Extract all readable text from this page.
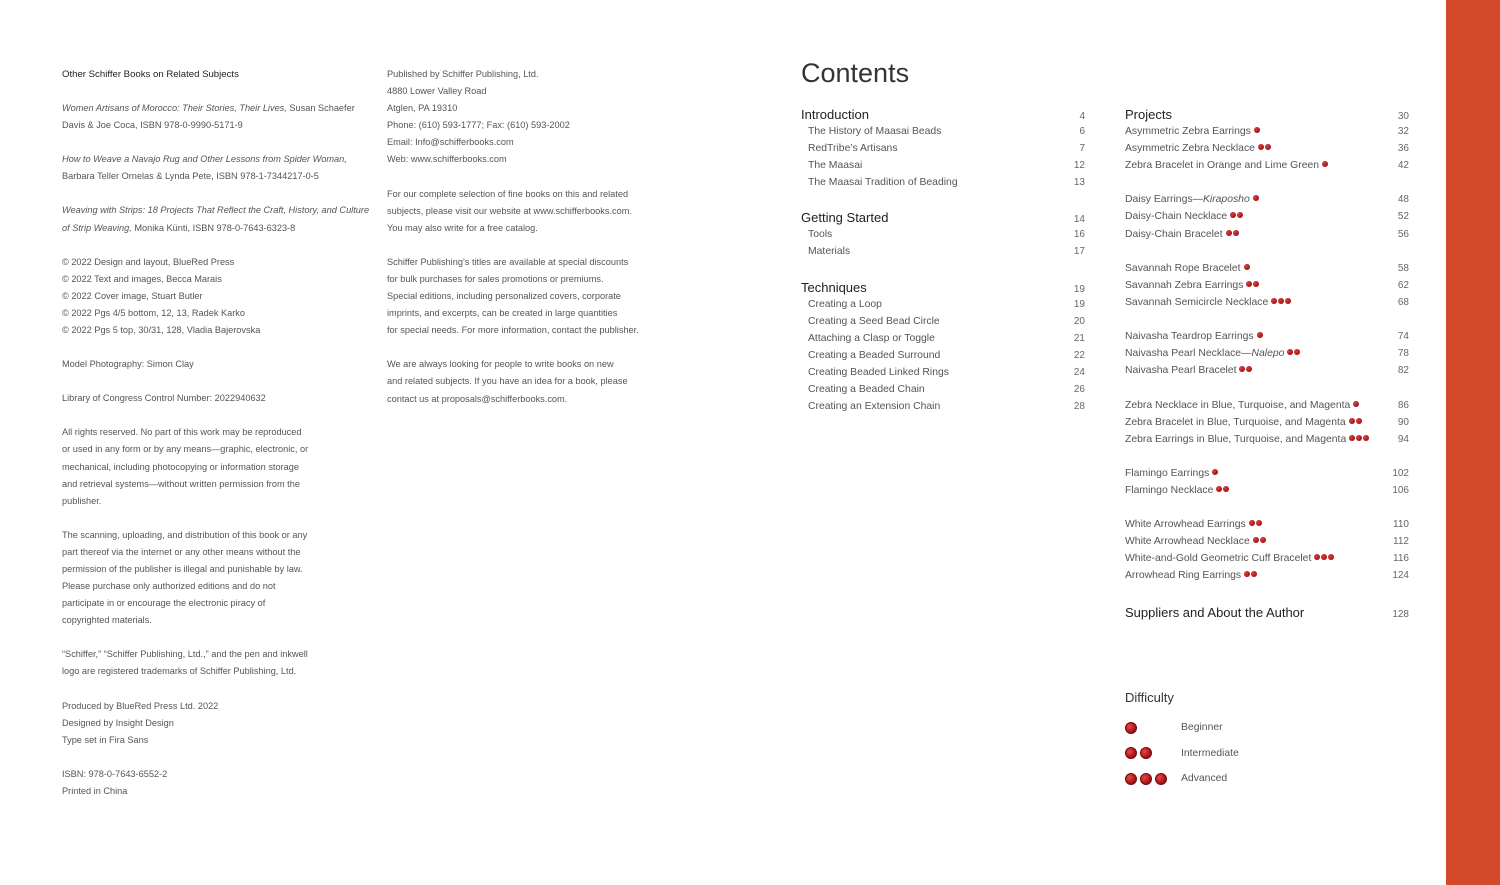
Other Schiffer Books on Related Subjects

Women Artisans of Morocco: Their Stories, Their Lives, Susan Schaefer Davis & Joe Coca, ISBN 978-0-9990-5171-9

How to Weave a Navajo Rug and Other Lessons from Spider Woman, Barbara Teller Ornelas & Lynda Pete, ISBN 978-1-7344217-0-5

Weaving with Strips: 18 Projects That Reflect the Craft, History, and Culture of Strip Weaving, Monika Künti, ISBN 978-0-7643-6323-8

© 2022 Design and layout, BlueRed Press
© 2022 Text and images, Becca Marais
© 2022 Cover image, Stuart Butler
© 2022 Pgs 4/5 bottom, 12, 13, Radek Karko
© 2022 Pgs 5 top, 30/31, 128, Vladia Bajerovska

Model Photography: Simon Clay

Library of Congress Control Number: 2022940632

All rights reserved. No part of this work may be reproduced
or used in any form or by any means—graphic, electronic, or
mechanical, including photocopying or information storage
and retrieval systems—without written permission from the
publisher.

The scanning, uploading, and distribution of this book or any
part thereof via the internet or any other means without the
permission of the publisher is illegal and punishable by law.
Please purchase only authorized editions and do not
participate in or encourage the electronic piracy of
copyrighted materials.

“Schiffer,” “Schiffer Publishing, Ltd.,” and the pen and inkwell
logo are registered trademarks of Schiffer Publishing, Ltd.

Produced by BlueRed Press Ltd. 2022
Designed by Insight Design
Type set in Fira Sans

ISBN: 978-0-7643-6552-2
Printed in China

Published by Schiffer Publishing, Ltd.
4880 Lower Valley Road
Atglen, PA 19310
Phone: (610) 593-1777; Fax: (610) 593-2002
Email: Info@schifferbooks.com
Web: www.schifferbooks.com

For our complete selection of fine books on this and related
subjects, please visit our website at www.schifferbooks.com.
You may also write for a free catalog.

Schiffer Publishing’s titles are available at special discounts
for bulk purchases for sales promotions or premiums.
Special editions, including personalized covers, corporate
imprints, and excerpts, can be created in large quantities
for special needs. For more information, contact the publisher.

We are always looking for people to write books on new
and related subjects. If you have an idea for a book, please
contact us at proposals@schifferbooks.com.

Contents
Introduction	4
The History of Maasai Beads	6
RedTribe’s Artisans	7
The Maasai	12
The Maasai Tradition of Beading	13
Getting Started	14
Tools	16
Materials	17
Techniques	19
Creating a Loop	19
Creating a Seed Bead Circle	20
Attaching a Clasp or Toggle	21
Creating a Beaded Surround	22
Creating Beaded Linked Rings	24
Creating a Beaded Chain	26
Creating an Extension Chain	28
Projects	30
Asymmetric Zebra Earrings	32
Asymmetric Zebra Necklace	36
Zebra Bracelet in Orange and Lime Green	42
Daisy Earrings—Kiraposho	48
Daisy-Chain Necklace	52
Daisy-Chain Bracelet	56
Savannah Rope Bracelet	58
Savannah Zebra Earrings	62
Savannah Semicircle Necklace	68
Naivasha Teardrop Earrings	74
Naivasha Pearl Necklace—Nalepo	78
Naivasha Pearl Bracelet	82
Zebra Necklace in Blue, Turquoise, and Magenta	86
Zebra Bracelet in Blue, Turquoise, and Magenta	90
Zebra Earrings in Blue, Turquoise, and Magenta	94
Flamingo Earrings	102
Flamingo Necklace	106
White Arrowhead Earrings	110
White Arrowhead Necklace	112
White-and-Gold Geometric Cuff Bracelet	116
Arrowhead Ring Earrings	124
Suppliers and About the Author	128
Difficulty
Beginner
Intermediate
Advanced
